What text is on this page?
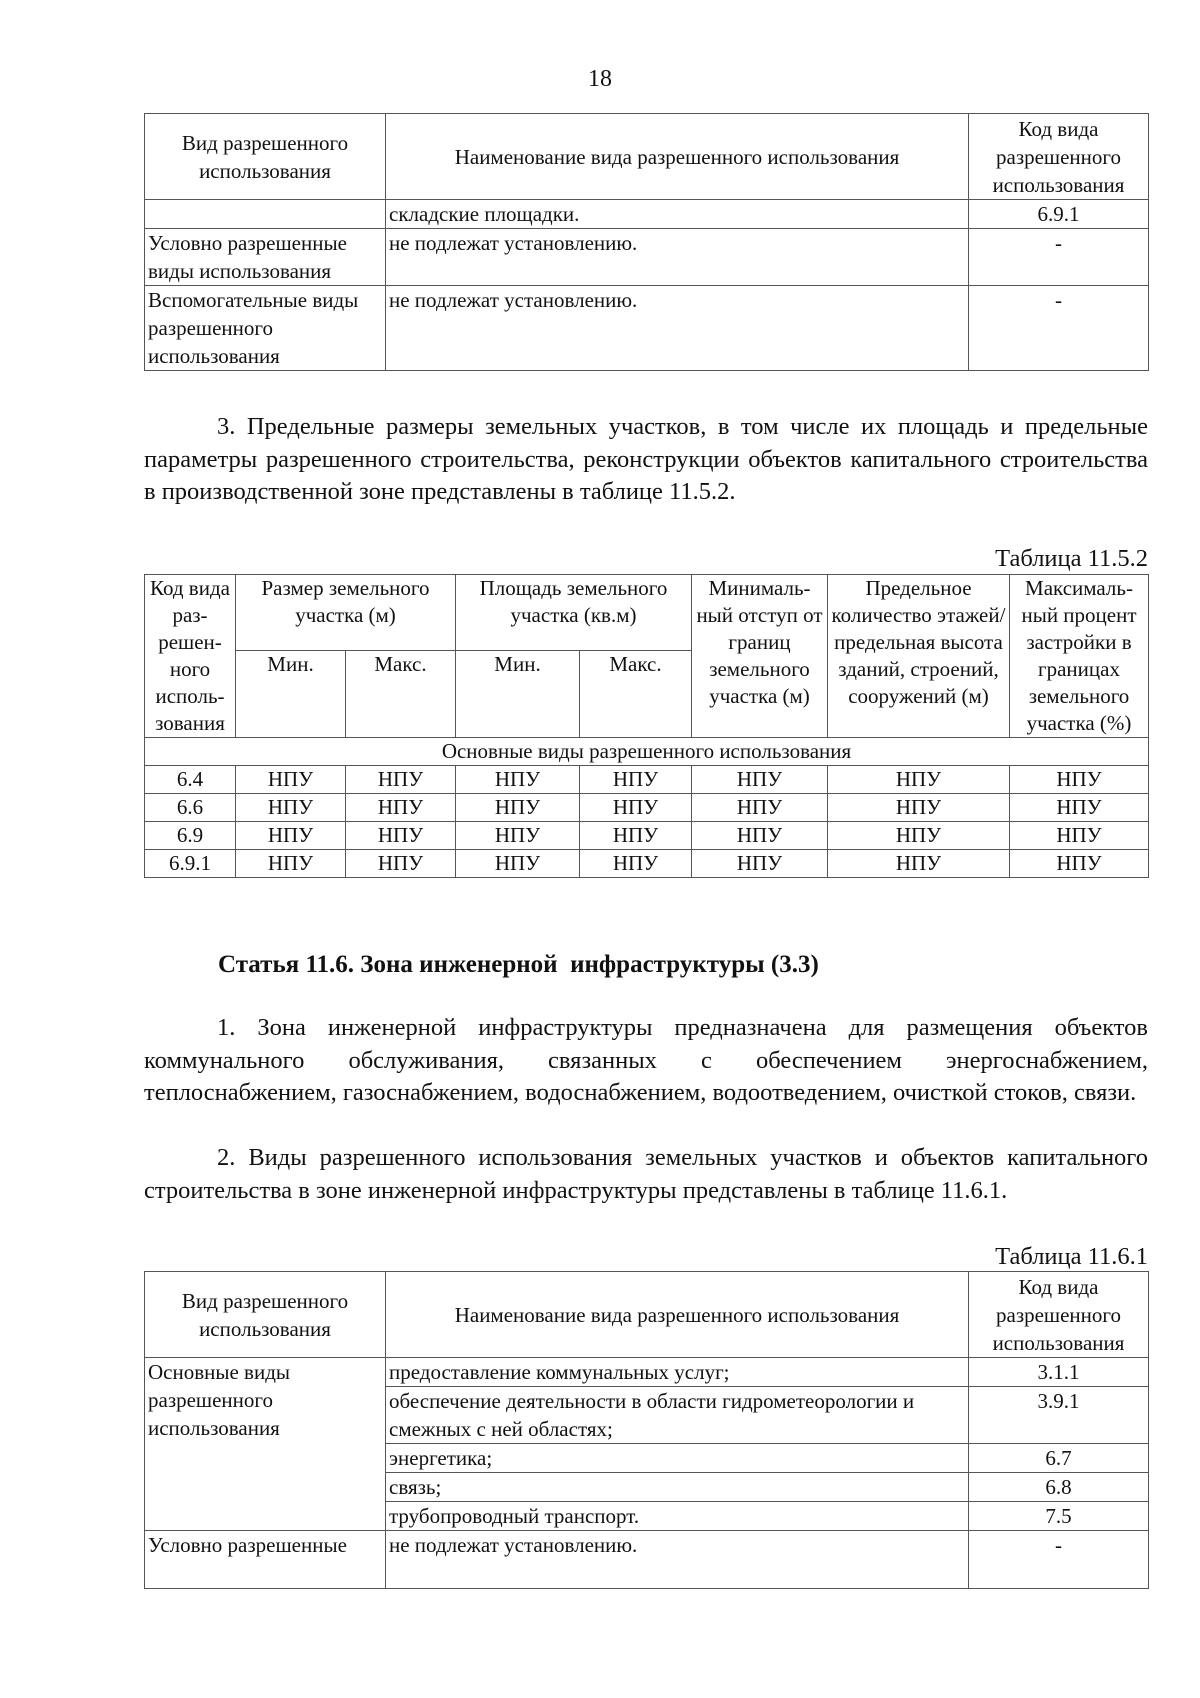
18
Вид разрешенного использования	Наименование вида разрешенного использования	Код вида разрешенного использования
	складские площадки.	6.9.1
Условно разрешенные виды использования	не подлежат установлению.	-
Вспомогательные виды разрешенного использования	не подлежат установлению.	-

3. Предельные размеры земельных участков, в том числе их площадь и предельные параметры разрешенного строительства, реконструкции объектов капитального строительства в производственной зоне представлены в таблице 11.5.2.

Таблица 11.5.2
Код вида раз-решен-ного исполь-зования	Размер земельного участка (м)		Площадь земельного участка (кв.м)		Минималь-ный отступ от границ земельного участка (м)	Предельное количество этажей/ предельная высота зданий, строений, сооружений (м)	Максималь-ный процент застройки в границах земельного участка (%)
	Мин.	Макс.	Мин.	Макс.			
Основные виды разрешенного использования							
6.4	НПУ	НПУ	НПУ	НПУ	НПУ	НПУ	НПУ
6.6	НПУ	НПУ	НПУ	НПУ	НПУ	НПУ	НПУ
6.9	НПУ	НПУ	НПУ	НПУ	НПУ	НПУ	НПУ
6.9.1	НПУ	НПУ	НПУ	НПУ	НПУ	НПУ	НПУ
Статья 11.6. Зона инженерной  инфраструктуры (3.3)

1. Зона инженерной инфраструктуры предназначена для размещения объектов коммунального обслуживания, связанных с обеспечением энергоснабжением, теплоснабжением, газоснабжением, водоснабжением, водоотведением, очисткой стоков, связи.

2. Виды разрешенного использования земельных участков и объектов капитального строительства в зоне инженерной инфраструктуры представлены в таблице 11.6.1.

Таблица 11.6.1
Вид разрешенного использования	Наименование вида разрешенного использования	Код вида разрешенного использования
Основные виды разрешенного использования	предоставление коммунальных услуг;	3.1.1
	обеспечение деятельности в области гидрометеорологии и смежных с ней областях;	3.9.1
	энергетика;	6.7
	связь;	6.8
	трубопроводный транспорт.	7.5
Условно разрешенные	не подлежат установлению.	-
